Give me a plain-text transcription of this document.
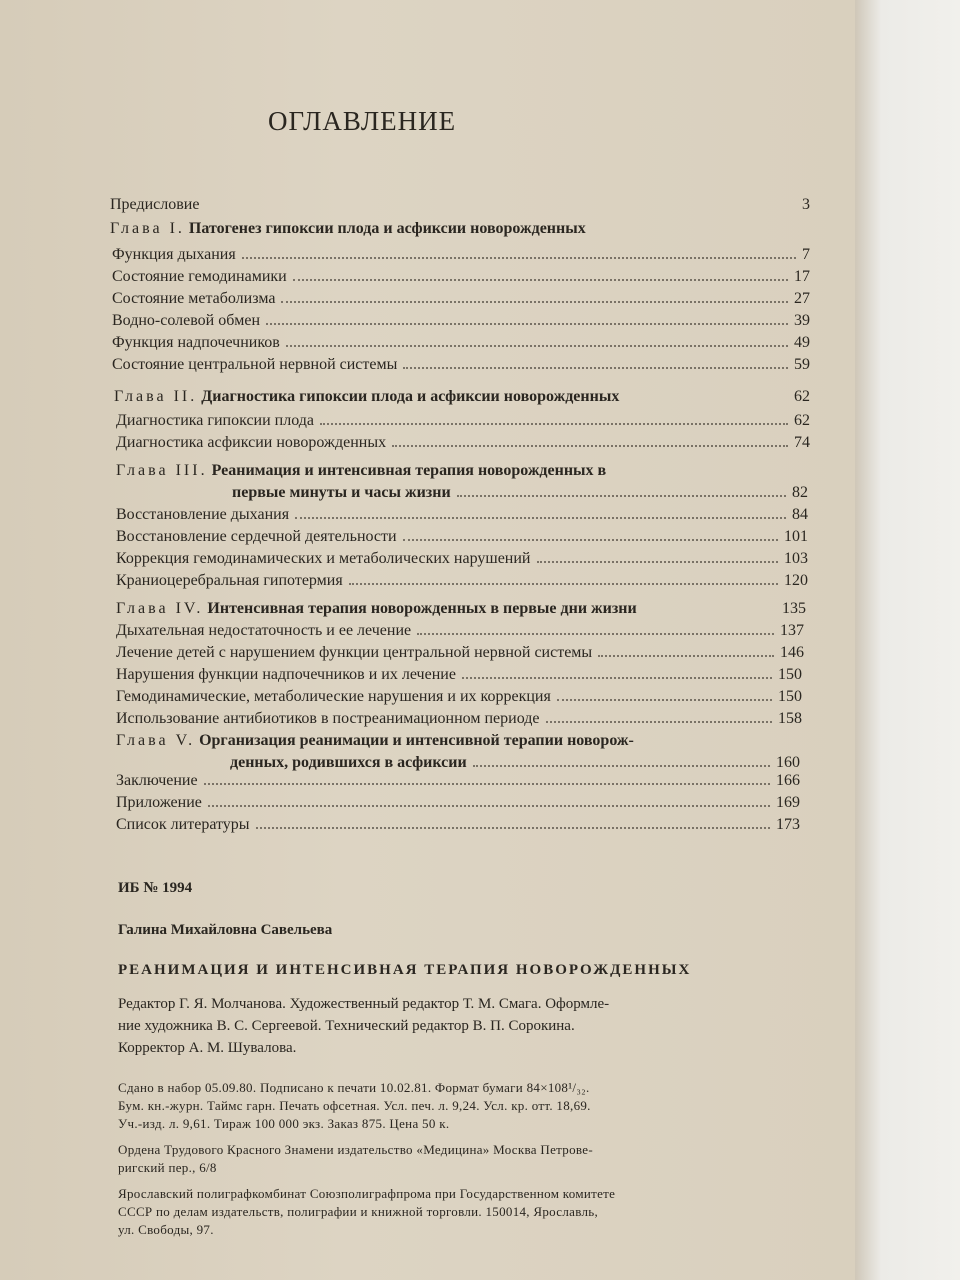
ОГЛАВЛЕНИЕ
Предисловие	3
Глава I.
Патогенез гипоксии плода и асфиксии новорожденных
Функция дыхания	7
Состояние гемодинамики	17
Состояние метаболизма	27
Водно-солевой обмен	39
Функция надпочечников	49
Состояние центральной нервной системы	59
Глава II.
Диагностика гипоксии плода и асфиксии новорожденных	62
Диагностика гипоксии плода	62
Диагностика асфиксии новорожденных	74
Глава III.
Реанимация и интенсивная терапия новорожденных в
первые минуты и часы жизни	82
Восстановление дыхания	84
Восстановление сердечной деятельности	101
Коррекция гемодинамических и метаболических нарушений	103
Краниоцеребральная гипотермия	120
Глава IV.
Интенсивная терапия новорожденных в первые дни жизни	135
Дыхательная недостаточность и ее лечение	137
Лечение детей с нарушением функции центральной нервной системы	146
Нарушения функции надпочечников и их лечение	150
Гемодинамические, метаболические нарушения и их коррекция	150
Использование антибиотиков в постреанимационном периоде	158
Глава V.
Организация реанимации и интенсивной терапии новорож-
денных, родившихся в асфиксии	160
Заключение	166
Приложение	169
Список литературы	173
ИБ № 1994
Галина Михайловна Савельева
РЕАНИМАЦИЯ И ИНТЕНСИВНАЯ ТЕРАПИЯ НОВОРОЖДЕННЫХ
Редактор Г. Я. Молчанова. Художественный редактор Т. М. Смага. Оформле-
ние художника В. С. Сергеевой. Технический редактор В. П. Сорокина.
Корректор А. М. Шувалова.
Сдано в набор 05.09.80. Подписано к печати 10.02.81. Формат бумаги 84×108¹/₃₂.
Бум. кн.-журн. Таймс гарн. Печать офсетная. Усл. печ. л. 9,24. Усл. кр. отт. 18,69.
Уч.-изд. л. 9,61. Тираж 100 000 экз. Заказ 875. Цена 50 к.
Ордена Трудового Красного Знамени издательство «Медицина» Москва Петрове-
ригский пер., 6/8
Ярославский полиграфкомбинат Союзполиграфпрома при Государственном комитете
СССР по делам издательств, полиграфии и книжной торговли. 150014, Ярославль,
ул. Свободы, 97.
